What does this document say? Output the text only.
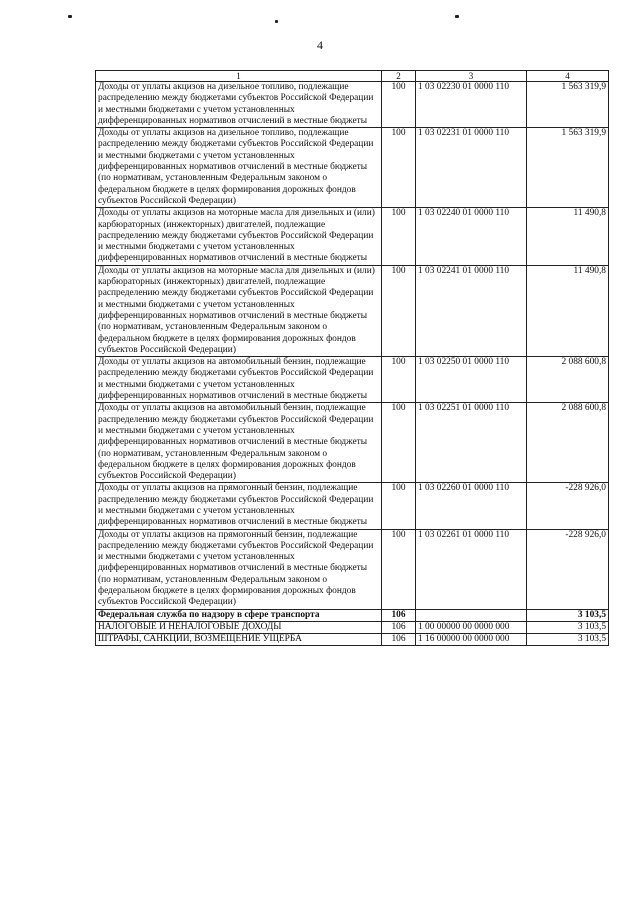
4
1	2	3	4
Доходы от уплаты акцизов на дизельное топливо, подлежащие распределению между бюджетами субъектов Российской Федерации и местными бюджетами с учетом установленных дифференцированных нормативов отчислений в местные бюджеты	100	1 03 02230 01 0000 110	1 563 319,9
Доходы от уплаты акцизов на дизельное топливо, подлежащие распределению между бюджетами субъектов Российской Федерации и местными бюджетами с учетом установленных дифференцированных нормативов отчислений в местные бюджеты (по нормативам, установленным Федеральным законом о федеральном бюджете в целях формирования дорожных фондов субъектов Российской Федерации)	100	1 03 02231 01 0000 110	1 563 319,9
Доходы от уплаты акцизов на моторные масла для дизельных и (или) карбюраторных (инжекторных) двигателей, подлежащие распределению между бюджетами субъектов Российской Федерации и местными бюджетами с учетом установленных дифференцированных нормативов отчислений в местные бюджеты	100	1 03 02240 01 0000 110	11 490,8
Доходы от уплаты акцизов на моторные масла для дизельных и (или) карбюраторных (инжекторных) двигателей, подлежащие распределению между бюджетами субъектов Российской Федерации и местными бюджетами с учетом установленных дифференцированных нормативов отчислений в местные бюджеты (по нормативам, установленным Федеральным законом о федеральном бюджете в целях формирования дорожных фондов субъектов Российской Федерации)	100	1 03 02241 01 0000 110	11 490,8
Доходы от уплаты акцизов на автомобильный бензин, подлежащие распределению между бюджетами субъектов Российской Федерации и местными бюджетами с учетом установленных дифференцированных нормативов отчислений в местные бюджеты	100	1 03 02250 01 0000 110	2 088 600,8
Доходы от уплаты акцизов на автомобильный бензин, подлежащие распределению между бюджетами субъектов Российской Федерации и местными бюджетами с учетом установленных дифференцированных нормативов отчислений в местные бюджеты (по нормативам, установленным Федеральным законом о федеральном бюджете в целях формирования дорожных фондов субъектов Российской Федерации)	100	1 03 02251 01 0000 110	2 088 600,8
Доходы от уплаты акцизов на прямогонный бензин, подлежащие распределению между бюджетами субъектов Российской Федерации и местными бюджетами с учетом установленных дифференцированных нормативов отчислений в местные бюджеты	100	1 03 02260 01 0000 110	-228 926,0
Доходы от уплаты акцизов на прямогонный бензин, подлежащие распределению между бюджетами субъектов Российской Федерации и местными бюджетами с учетом установленных дифференцированных нормативов отчислений в местные бюджеты (по нормативам, установленным Федеральным законом о федеральном бюджете в целях формирования дорожных фондов субъектов Российской Федерации)	100	1 03 02261 01 0000 110	-228 926,0
Федеральная служба по надзору в сфере транспорта	106		3 103,5
НАЛОГОВЫЕ И НЕНАЛОГОВЫЕ ДОХОДЫ	106	1 00 00000 00 0000 000	3 103,5
ШТРАФЫ, САНКЦИИ, ВОЗМЕЩЕНИЕ УЩЕРБА	106	1 16 00000 00 0000 000	3 103,5
